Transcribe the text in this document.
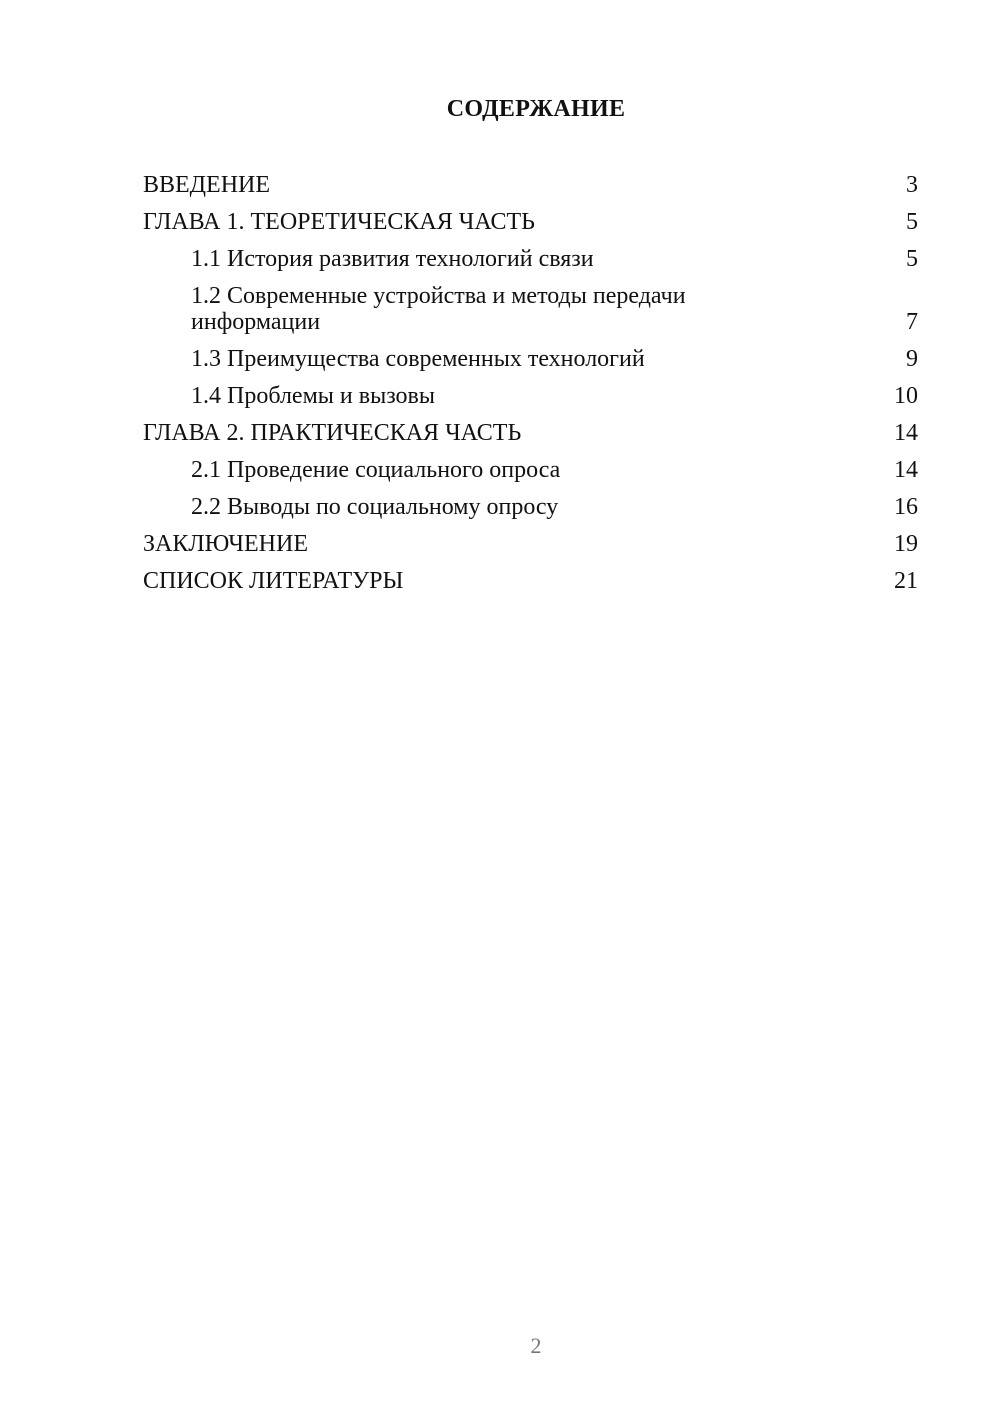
СОДЕРЖАНИЕ
ВВЕДЕНИЕ	3
ГЛАВА 1. ТЕОРЕТИЧЕСКАЯ ЧАСТЬ	5
1.1 История развития технологий связи	5
1.2 Современные устройства и методы передачи информации	7
1.3 Преимущества современных технологий	9
1.4 Проблемы и вызовы	10
ГЛАВА 2. ПРАКТИЧЕСКАЯ ЧАСТЬ	14
2.1 Проведение социального опроса	14
2.2 Выводы по социальному опросу	16
ЗАКЛЮЧЕНИЕ	19
СПИСОК ЛИТЕРАТУРЫ	21

2
